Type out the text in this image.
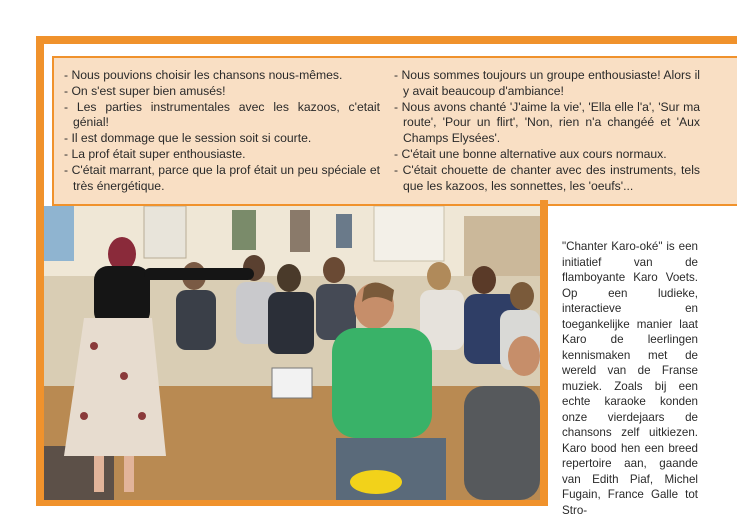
- Nous pouvions choisir les chansons nous-mêmes.

- On s'est super bien amusés!

- Les parties instrumentales avec les kazoos, c'etait génial!

- Il est dommage que le session soit si courte.

- La prof était super enthousiaste.

- C'était marrant, parce que la prof était un peu spéciale et très énergétique.

- Nous sommes toujours un groupe enthousiaste! Alors il y avait beaucoup d'ambiance!

- Nous avons chanté 'J'aime la vie', 'Ella elle l'a', 'Sur ma route', 'Pour un flirt', 'Non, rien n'a changéé et 'Aux Champs Elysées'.

- C'était une bonne alternative aux cours normaux.

- C'était chouette de chanter avec des instruments, tels que les kazoos, les sonnettes, les 'oeufs'...

"Chanter Karo-oké" is een initiatief van de flamboyante Karo Voets. Op een ludieke, interactieve en toegankelijke manier laat Karo de leerlingen kennismaken met de wereld van de Franse muziek. Zoals bij een echte karaoke konden onze vierdejaars de chansons zelf uitkiezen. Karo bood hen een breed repertoire aan, gaande van Edith Piaf, Michel Fugain, France Galle tot Stro-
